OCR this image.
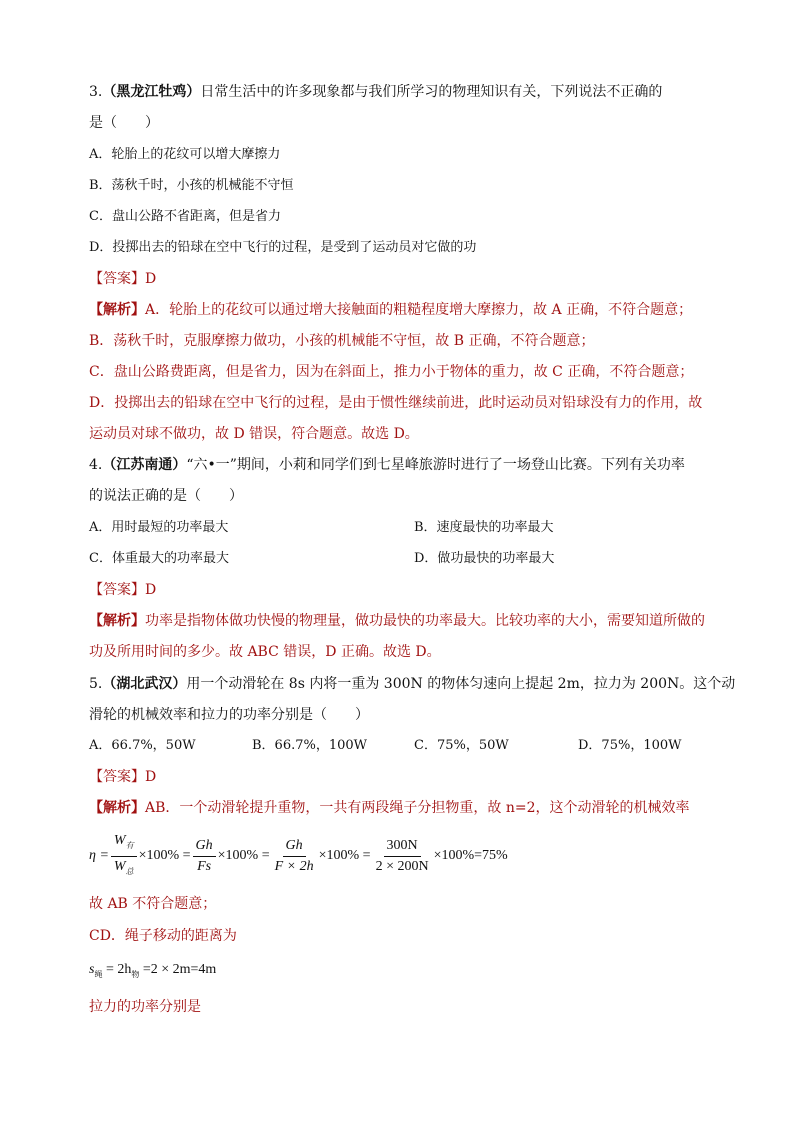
3.（黑龙江牡鸡）日常生活中的许多现象都与我们所学习的物理知识有关，下列说法不正确的
是（　　）
A．轮胎上的花纹可以增大摩擦力
B．荡秋千时，小孩的机械能不守恒
C．盘山公路不省距离，但是省力
D．投掷出去的铅球在空中飞行的过程，是受到了运动员对它做的功
【答案】D
【解析】A．轮胎上的花纹可以通过增大接触面的粗糙程度增大摩擦力，故 A 正确，不符合题意；
B．荡秋千时，克服摩擦力做功，小孩的机械能不守恒，故 B 正确，不符合题意；
C．盘山公路费距离，但是省力，因为在斜面上，推力小于物体的重力，故 C 正确，不符合题意；
D．投掷出去的铅球在空中飞行的过程，是由于惯性继续前进，此时运动员对铅球没有力的作用，故
运动员对球不做功，故 D 错误，符合题意。故选 D。
4.（江苏南通）“六•一”期间，小莉和同学们到七星峰旅游时进行了一场登山比赛。下列有关功率
的说法正确的是（　　）
A．用时最短的功率最大	B．速度最快的功率最大
C．体重最大的功率最大	D．做功最快的功率最大
【答案】D
【解析】功率是指物体做功快慢的物理量，做功最快的功率最大。比较功率的大小，需要知道所做的
功及所用时间的多少。故 ABC 错误，D 正确。故选 D。
5.（湖北武汉）用一个动滑轮在 8s 内将一重为 300N 的物体匀速向上提起 2m，拉力为 200N。这个动
滑轮的机械效率和拉力的功率分别是（　　）
A．66.7%，50W	B．66.7%，100W	C．75%，50W	D．75%，100W
【答案】D
【解析】AB．一个动滑轮提升重物，一共有两段绳子分担物重，故 n=2，这个动滑轮的机械效率
$\eta = \frac{W_有}{W_总} \times 100\% = \frac{Gh}{Fs} \times 100\% = \frac{Gh}{F \times 2h} \times 100\% = \frac{300N}{2 \times 200N} \times 100\%=75\%$
故 AB 不符合题意；
CD．绳子移动的距离为
$s_绳 = 2h_物 =2 \times 2m=4m$
拉力的功率分别是
